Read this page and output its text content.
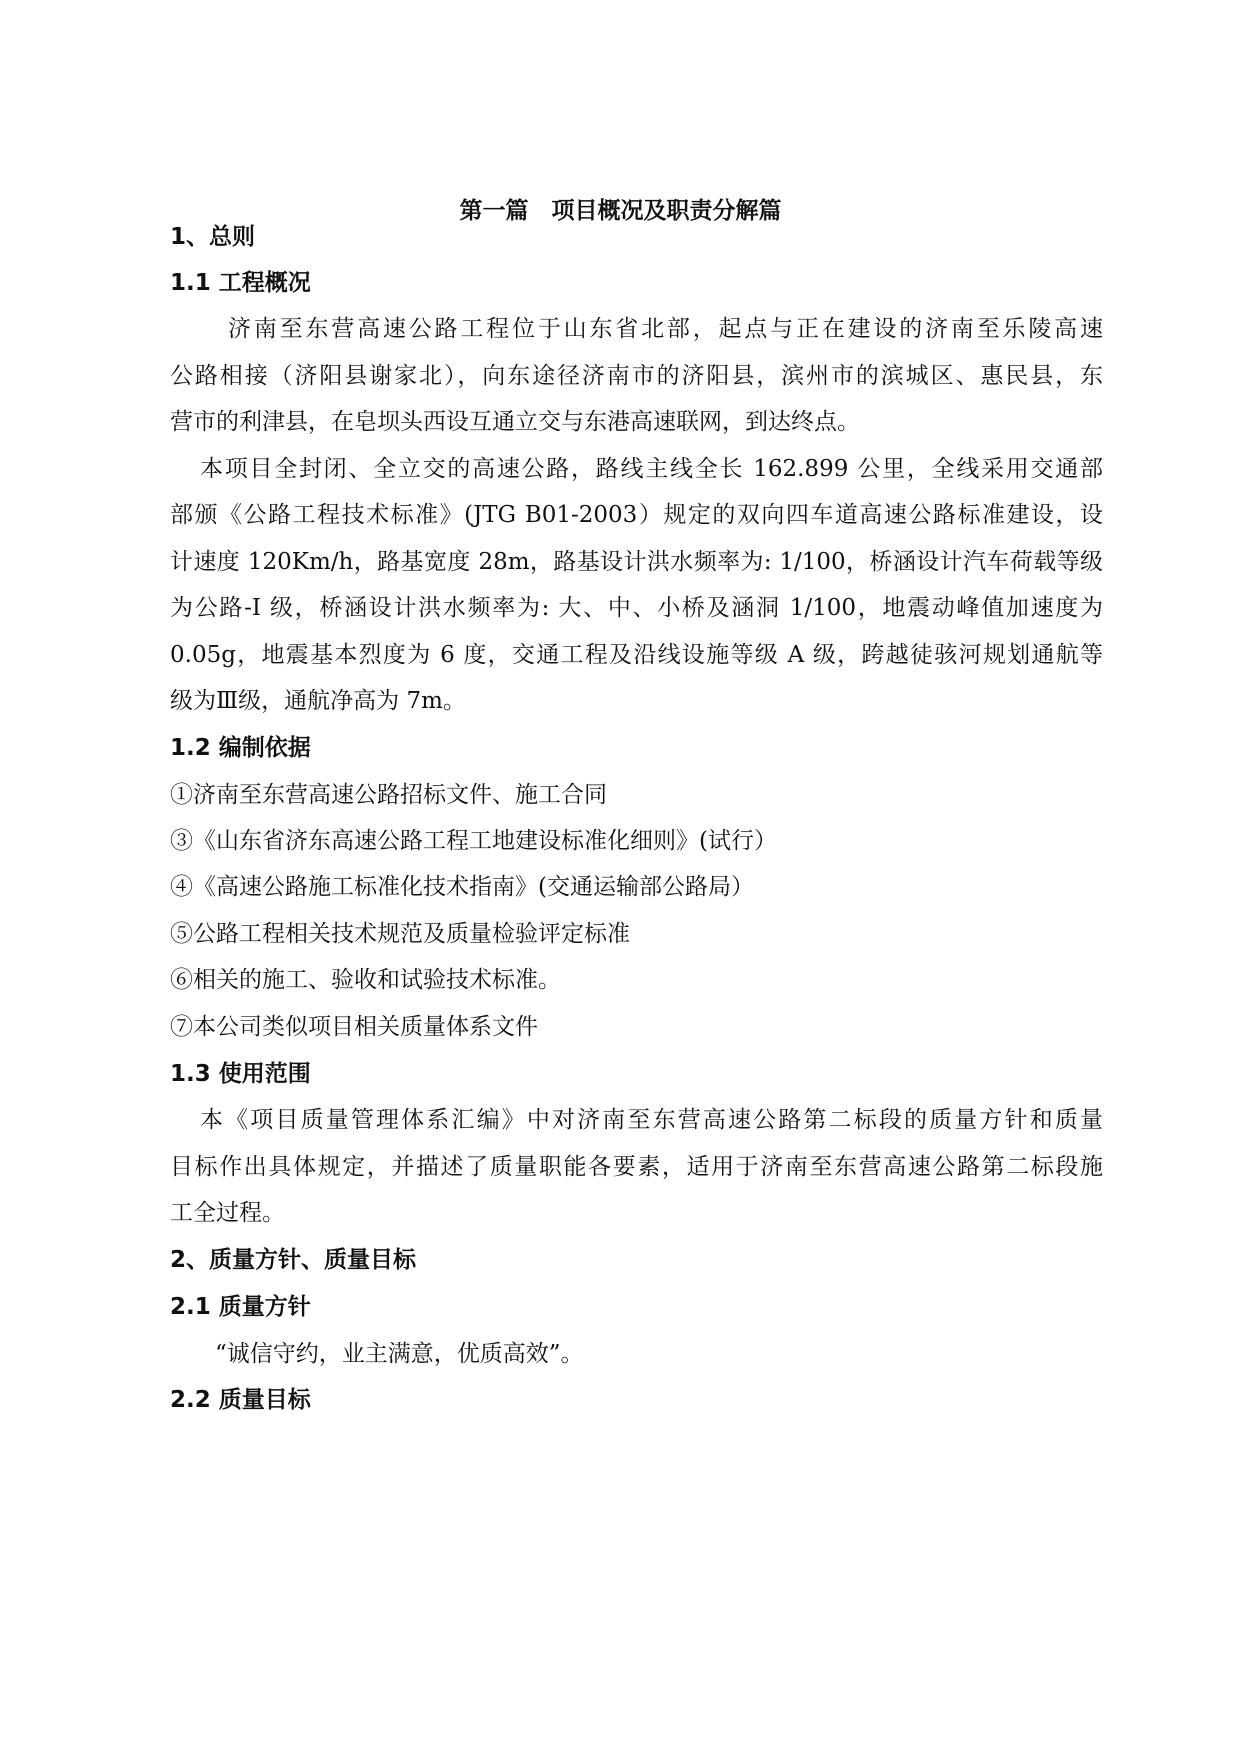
第一篇　项目概况及职责分解篇
1、总则
1.1 工程概况
济南至东营高速公路工程位于山东省北部，起点与正在建设的济南至乐陵高速
公路相接（济阳县谢家北），向东途径济南市的济阳县，滨州市的滨城区、惠民县，东
营市的利津县，在皂坝头西设互通立交与东港高速联网，到达终点。
本项目全封闭、全立交的高速公路，路线主线全长 162.899 公里，全线采用交通部
部颁《公路工程技术标准》(JTG B01-2003）规定的双向四车道高速公路标准建设，设
计速度 120Km/h，路基宽度 28m，路基设计洪水频率为: 1/100，桥涵设计汽车荷载等级
为公路-I 级，桥涵设计洪水频率为: 大、中、小桥及涵洞 1/100，地震动峰值加速度为
0.05g，地震基本烈度为 6 度，交通工程及沿线设施等级 A 级，跨越徒骇河规划通航等
级为Ⅲ级，通航净高为 7m。
1.2 编制依据
①济南至东营高速公路招标文件、施工合同
③《山东省济东高速公路工程工地建设标准化细则》(试行）
④《高速公路施工标准化技术指南》(交通运输部公路局）
⑤公路工程相关技术规范及质量检验评定标准
⑥相关的施工、验收和试验技术标准。
⑦本公司类似项目相关质量体系文件
1.3 使用范围
本《项目质量管理体系汇编》中对济南至东营高速公路第二标段的质量方针和质量
目标作出具体规定，并描述了质量职能各要素，适用于济南至东营高速公路第二标段施
工全过程。
2、质量方针、质量目标
2.1 质量方针
“诚信守约，业主满意，优质高效”。
2.2 质量目标
